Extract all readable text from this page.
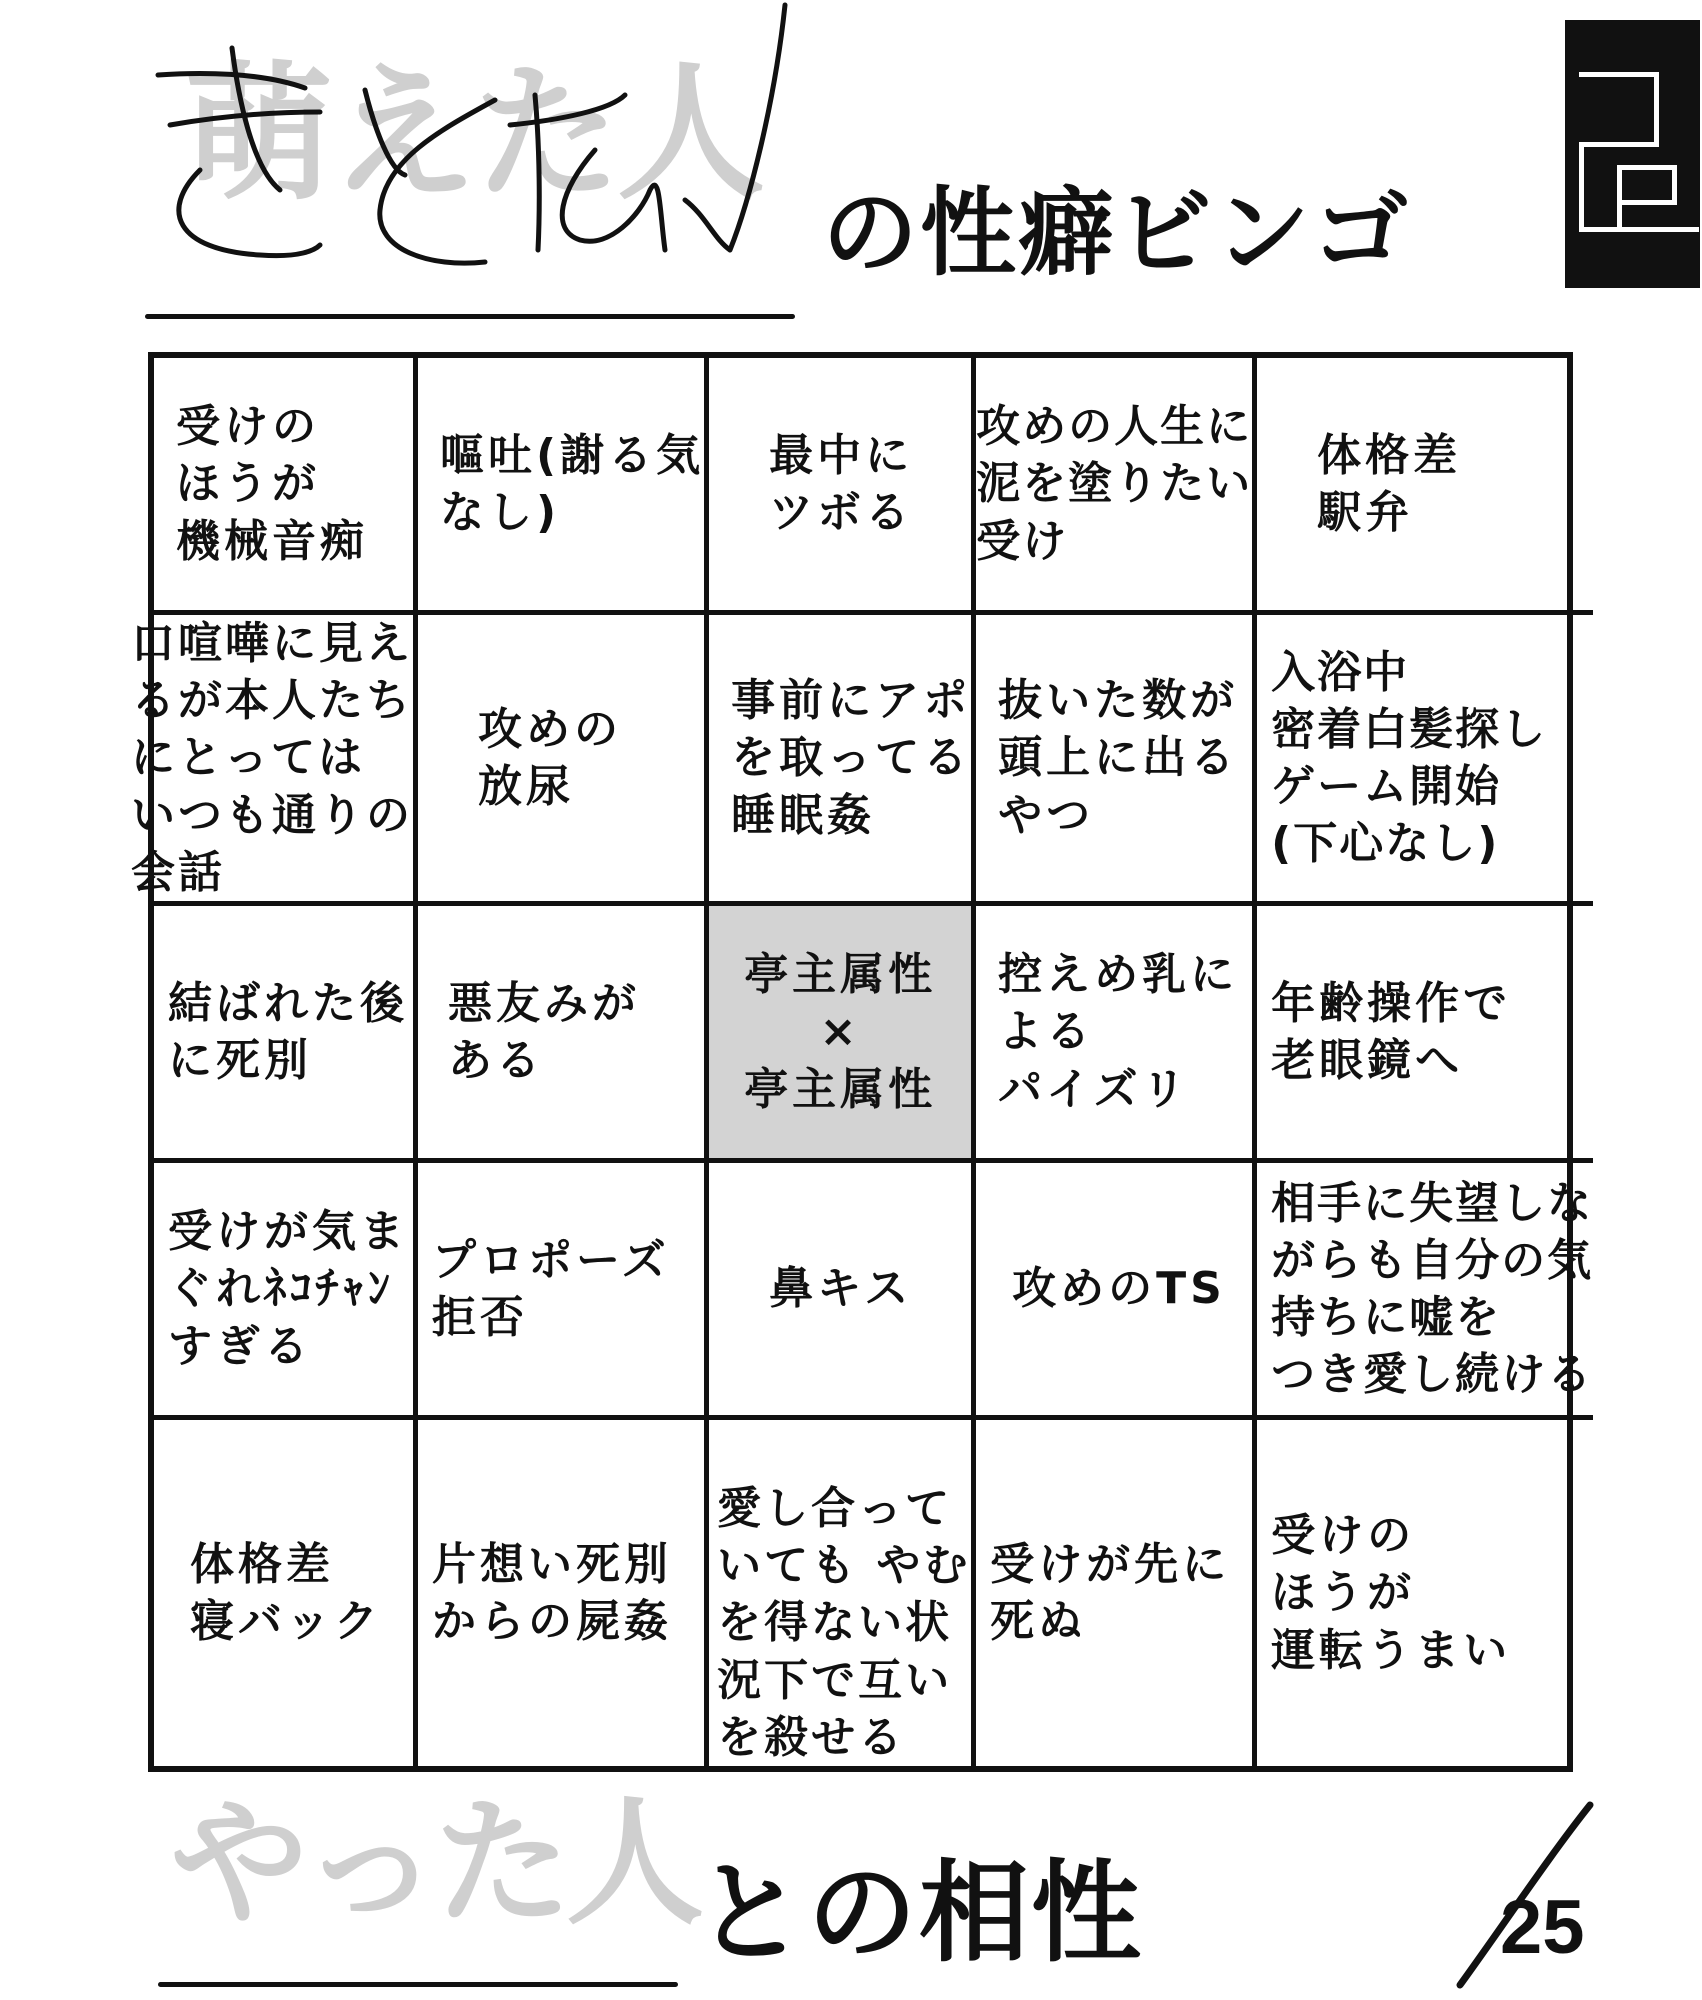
萌えた人
の性癖ビンゴ
受けの
ほうが
機械音痴
嘔吐(謝る気
なし)
最中に
ツボる
攻めの人生に
泥を塗りたい
受け
体格差
駅弁
口喧嘩に見え
るが本人たち
にとっては
いつも通りの
会話
攻めの
放尿
事前にアポ
を取ってる
睡眠姦
抜いた数が
頭上に出る
やつ
入浴中
密着白髪探し
ゲーム開始
(下心なし)
結ばれた後
に死別
悪友みが
ある
亭主属性
×
亭主属性
控えめ乳に
よる
パイズリ
年齢操作で
老眼鏡へ
受けが気ま
ぐれﾈｺﾁｬﾝ
すぎる
プロポーズ
拒否
鼻キス	攻めのTS
相手に失望しな
がらも自分の気
持ちに嘘を
つき愛し続ける
体格差
寝バック
片想い死別
からの屍姦
愛し合って
いても やむ
を得ない状
況下で互い
を殺せる
受けが先に
死ぬ
受けの
ほうが
運転うまい
やった人
との相性	25
